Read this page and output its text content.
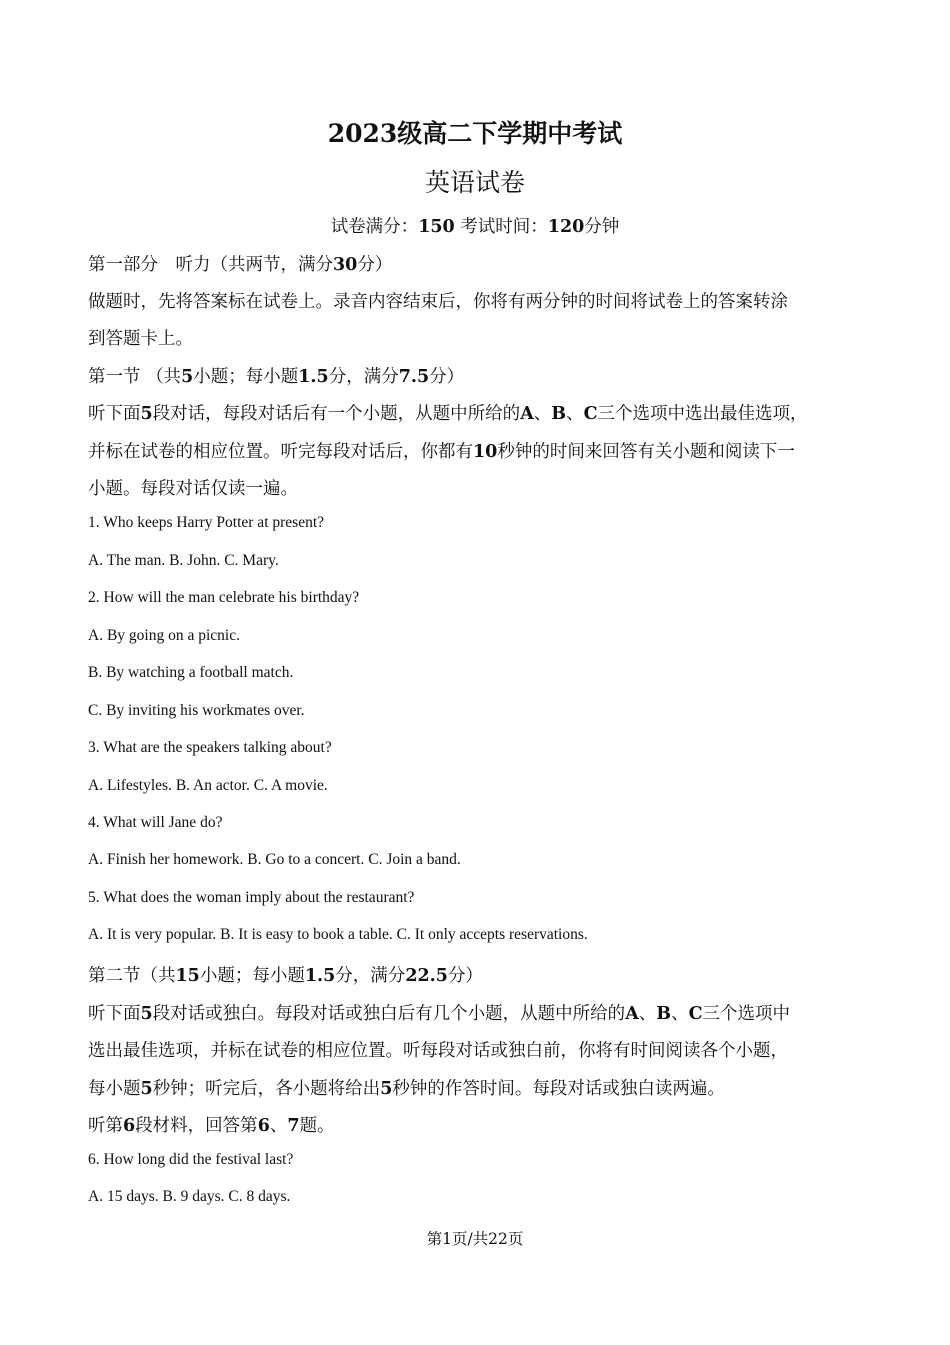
2023级高二下学期中考试
英语试卷
试卷满分：150 考试时间：120分钟
第一部分　听力（共两节，满分30分）
做题时，先将答案标在试卷上。录音内容结束后，你将有两分钟的时间将试卷上的答案转涂
到答题卡上。
第一节 （共5小题；每小题1.5分，满分7.5分）
听下面5段对话，每段对话后有一个小题，从题中所给的A、B、C三个选项中选出最佳选项，
并标在试卷的相应位置。听完每段对话后，你都有10秒钟的时间来回答有关小题和阅读下一
小题。每段对话仅读一遍。
1. Who keeps Harry Potter at present?
A. The man. B. John. C. Mary.
2. How will the man celebrate his birthday?
A. By going on a picnic.
B. By watching a football match.
C. By inviting his workmates over.
3. What are the speakers talking about?
A. Lifestyles. B. An actor. C. A movie.
4. What will Jane do?
A. Finish her homework. B. Go to a concert. C. Join a band.
5. What does the woman imply about the restaurant?
A. It is very popular. B. It is easy to book a table. C. It only accepts reservations.
第二节（共15小题；每小题1.5分，满分22.5分）
听下面5段对话或独白。每段对话或独白后有几个小题，从题中所给的A、B、C三个选项中
选出最佳选项，并标在试卷的相应位置。听每段对话或独白前，你将有时间阅读各个小题，
每小题5秒钟；听完后，各小题将给出5秒钟的作答时间。每段对话或独白读两遍。
听第6段材料，回答第6、7题。
6. How long did the festival last?
A. 15 days. B. 9 days. C. 8 days.
第1页/共22页
